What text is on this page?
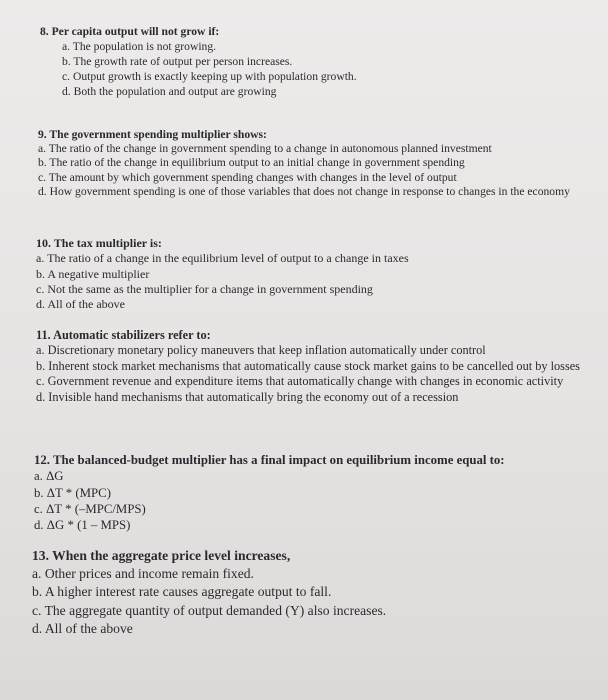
8. Per capita output will not grow if:

a. The population is not growing.

b. The growth rate of output per person increases.

c. Output growth is exactly keeping up with population growth.

d. Both the population and output are growing

9. The government spending multiplier shows:

a. The ratio of the change in government spending to a change in autonomous planned investment

b. The ratio of the change in equilibrium output to an initial change in government spending

c. The amount by which government spending changes with changes in the level of output

d. How government spending is one of those variables that does not change in response to changes in the economy

10. The tax multiplier is:

a. The ratio of a change in the equilibrium level of output to a change in taxes

b. A negative multiplier

c. Not the same as the multiplier for a change in government spending

d. All of the above

11. Automatic stabilizers refer to:

a. Discretionary monetary policy maneuvers that keep inflation automatically under control

b. Inherent stock market mechanisms that automatically cause stock market gains to be cancelled out by losses

c. Government revenue and expenditure items that automatically change with changes in economic activity

d. Invisible hand mechanisms that automatically bring the economy out of a recession

12. The balanced-budget multiplier has a final impact on equilibrium income equal to:

a. ΔG

b. ΔT * (MPC)

c. ΔT * (–MPC/MPS)

d. ΔG * (1 – MPS)

13. When the aggregate price level increases,

a. Other prices and income remain fixed.

b. A higher interest rate causes aggregate output to fall.

c. The aggregate quantity of output demanded (Y) also increases.

d. All of the above
